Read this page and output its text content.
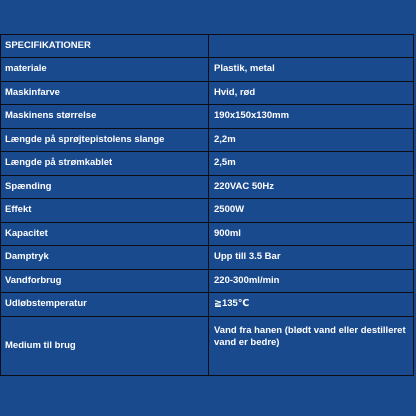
SPECIFIKATIONER	
materiale	Plastik, metal
Maskinfarve	Hvid, rød
Maskinens størrelse	190x150x130mm
Længde på sprøjtepistolens slange	2,2m
Længde på strømkablet	2,5m
Spænding	220VAC 50Hz
Effekt	2500W
Kapacitet	900ml
Damptryk	Upp till 3.5 Bar
Vandforbrug	220-300ml/min
Udløbstemperatur	≧135℃
Medium til brug	Vand fra hanen (blødt vand eller destilleret vand er bedre)
